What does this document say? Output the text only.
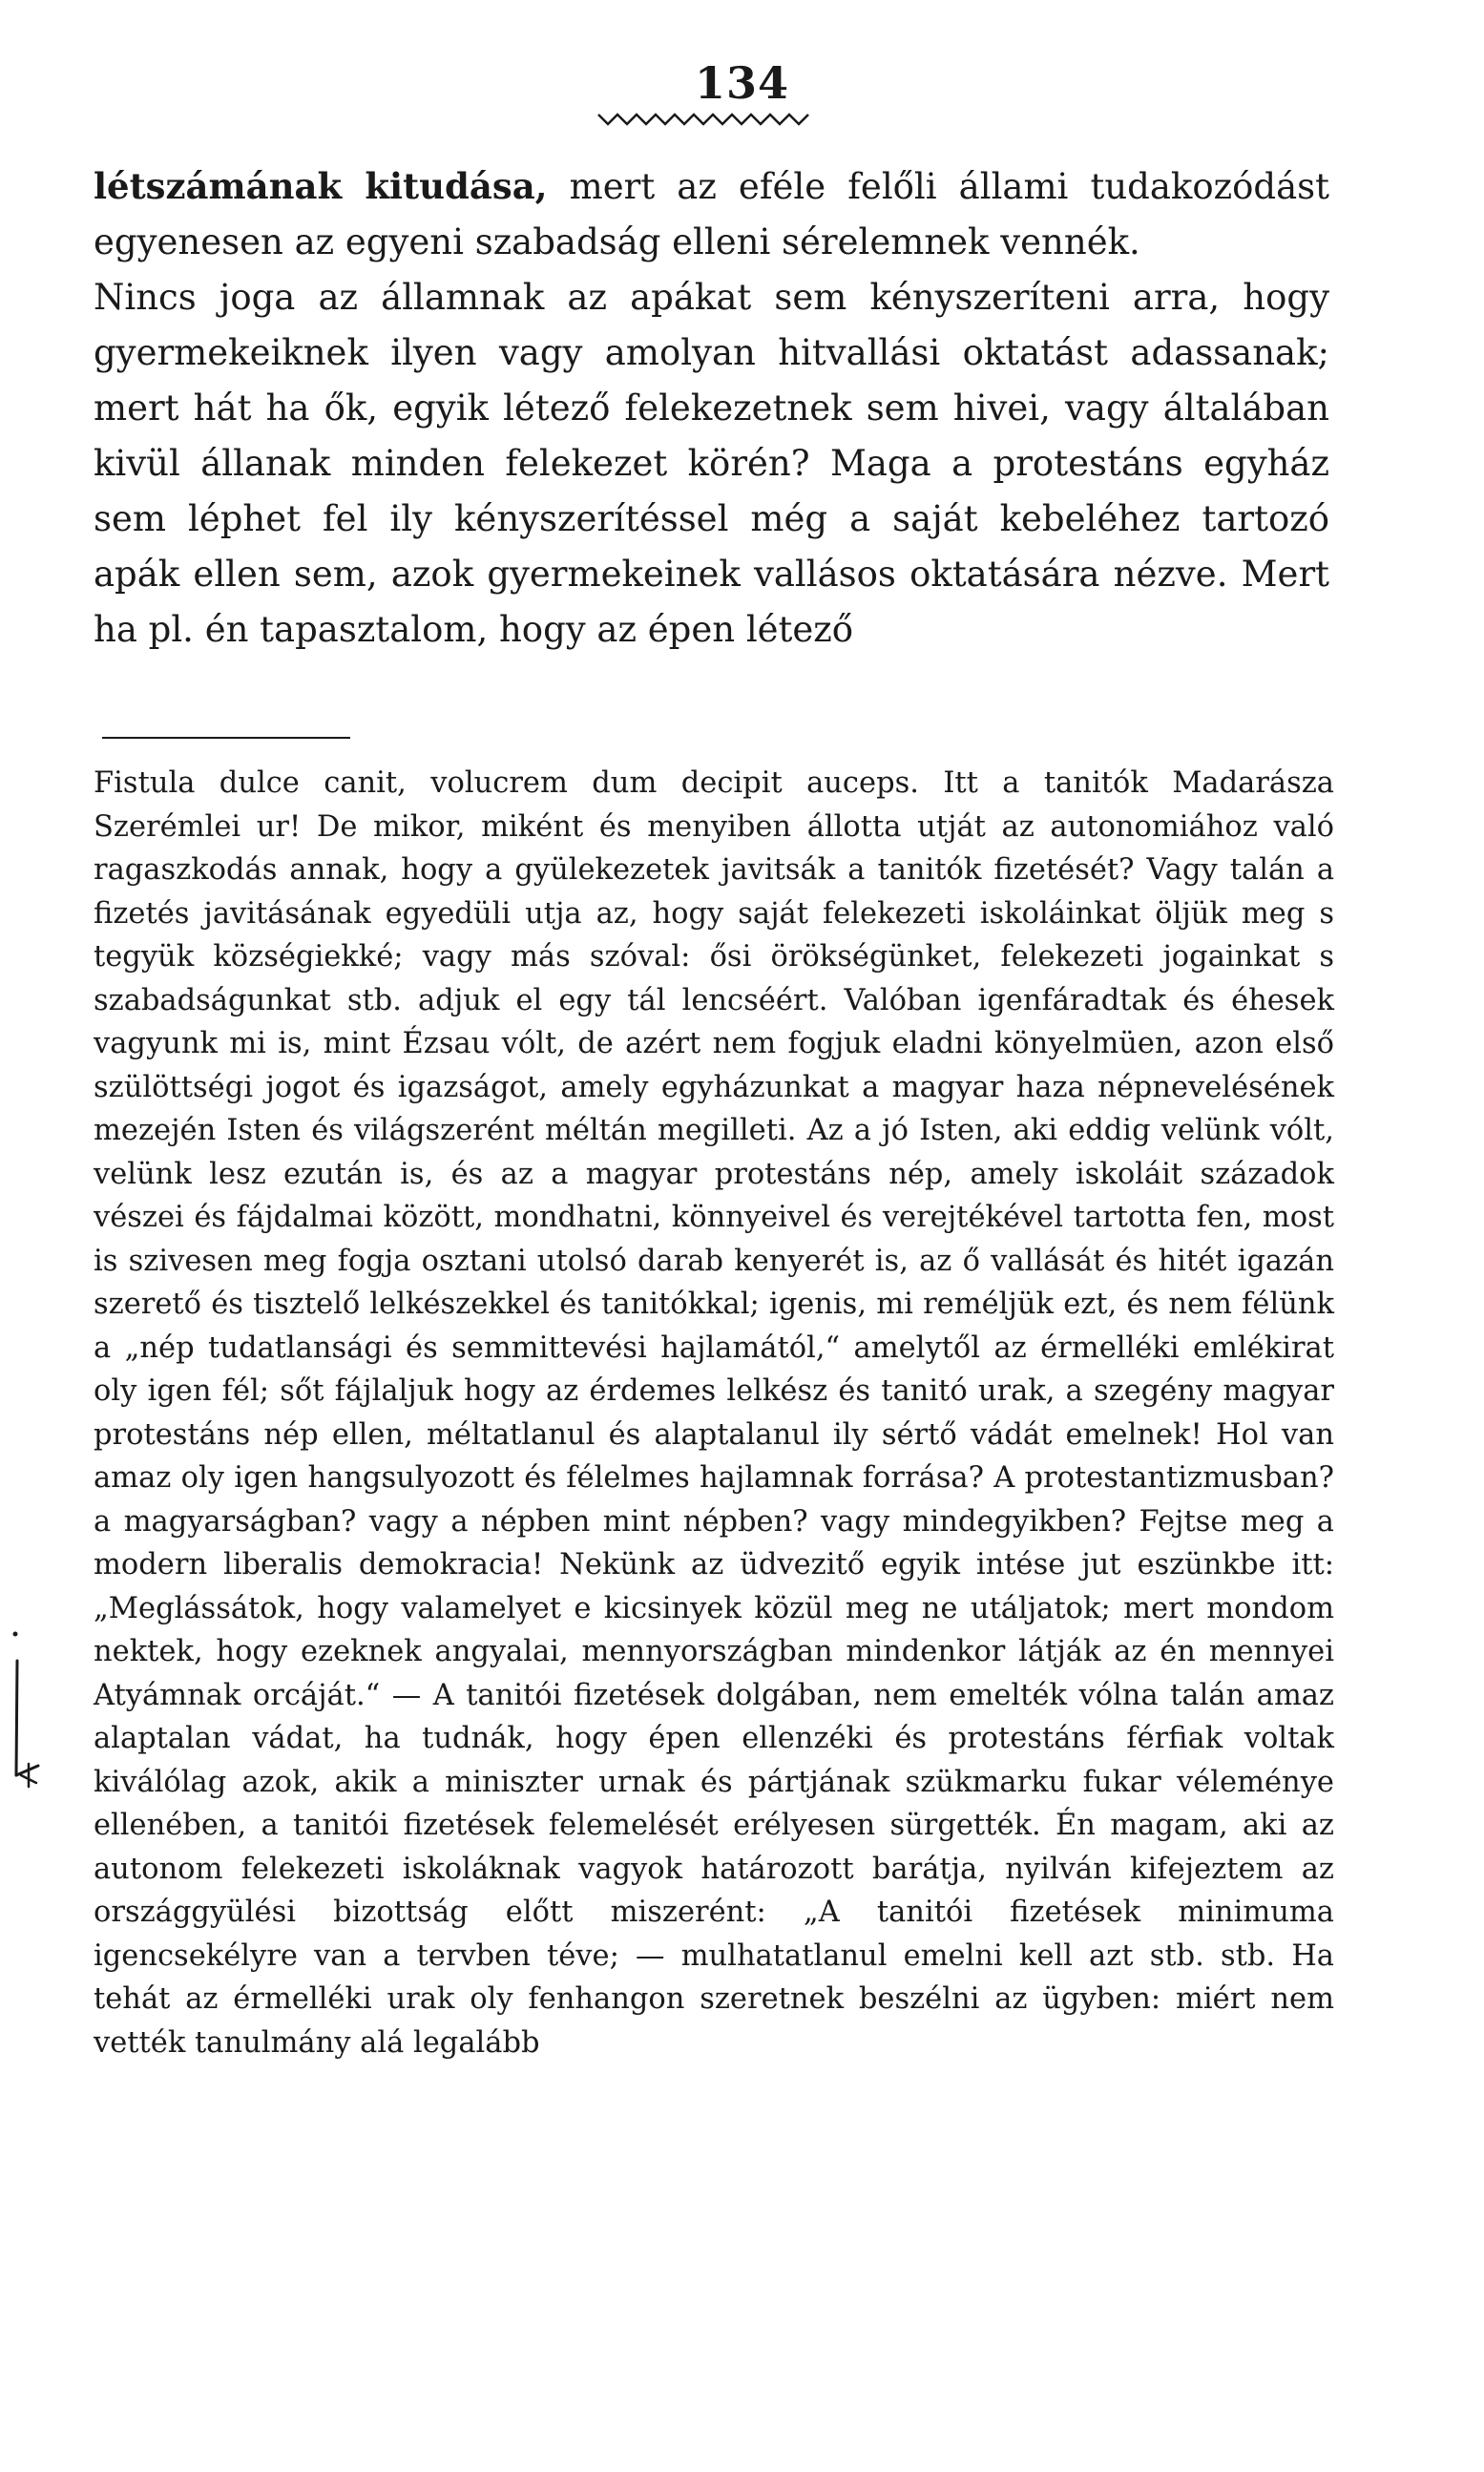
134

létszámának kitudása, mert az eféle felőli állami tudakozódást egyenesen az egyeni szabadság elleni sérelemnek vennék.
Nincs joga az államnak az apákat sem kényszeríteni arra, hogy gyermekeiknek ilyen vagy amolyan hitvallási oktatást adassanak; mert hát ha ők, egyik létező felekezetnek sem hivei, vagy általában kivül állanak minden felekezet körén? Maga a protestáns egyház sem léphet fel ily kényszerítéssel még a saját kebeléhez tartozó apák ellen sem, azok gyermekeinek vallásos oktatására nézve. Mert ha pl. én tapasztalom, hogy az épen létező

Fistula dulce canit, volucrem dum decipit auceps. Itt a tanitók Madarásza Szerémlei ur! De mikor, miként és menyiben állotta utját az autonomiához való ragaszkodás annak, hogy a gyülekezetek javitsák a tanitók fizetését? Vagy talán a fizetés javitásának egyedüli utja az, hogy saját felekezeti iskoláinkat öljük meg s tegyük községiekké; vagy más szóval: ősi örökségünket, felekezeti jogainkat s szabadságunkat stb. adjuk el egy tál lencséért. Valóban igenfáradtak és éhesek vagyunk mi is, mint Ézsau vólt, de azért nem fogjuk eladni könyelmüen, azon első szülöttségi jogot és igazságot, amely egyházunkat a magyar haza népnevelésének mezején Isten és világszerént méltán megilleti. Az a jó Isten, aki eddig velünk vólt, velünk lesz ezután is, és az a magyar protestáns nép, amely iskoláit századok vészei és fájdalmai között, mondhatni, könnyeivel és verejtékével tartotta fen, most is szivesen meg fogja osztani utolsó darab kenyerét is, az ő vallását és hitét igazán szerető és tisztelő lelkészekkel és tanitókkal; igenis, mi reméljük ezt, és nem félünk a „nép tudatlansági és semmittevési hajlamától,“ amelytől az érmelléki emlékirat oly igen fél; sőt fájlaljuk hogy az érdemes lelkész és tanitó urak, a szegény magyar protestáns nép ellen, méltatlanul és alaptalanul ily sértő vádát emelnek! Hol van amaz oly igen hangsulyozott és félelmes hajlamnak forrása? A protestantizmusban? a magyarságban? vagy a népben mint népben? vagy mindegyikben? Fejtse meg a modern liberalis demokracia! Nekünk az üdvezitő egyik intése jut eszünkbe itt: „Meglássátok, hogy valamelyet e kicsinyek közül meg ne utáljatok; mert mondom nektek, hogy ezeknek angyalai, mennyországban mindenkor látják az én mennyei Atyámnak orcáját.“ — A tanitói fizetések dolgában, nem emelték vólna talán amaz alaptalan vádat, ha tudnák, hogy épen ellenzéki és protestáns férfiak voltak kiválólag azok, akik a miniszter urnak és pártjának szükmarku fukar véleménye ellenében, a tanitói fizetések felemelését erélyesen sürgették. Én magam, aki az autonom felekezeti iskoláknak vagyok határozott barátja, nyilván kifejeztem az országgyülési bizottság előtt miszerént: „A tanitói fizetések minimuma igencsekélyre van a tervben téve; — mulhatatlanul emelni kell azt stb. stb. Ha tehát az érmelléki urak oly fenhangon szeretnek beszélni az ügyben: miért nem vették tanulmány alá legalább
